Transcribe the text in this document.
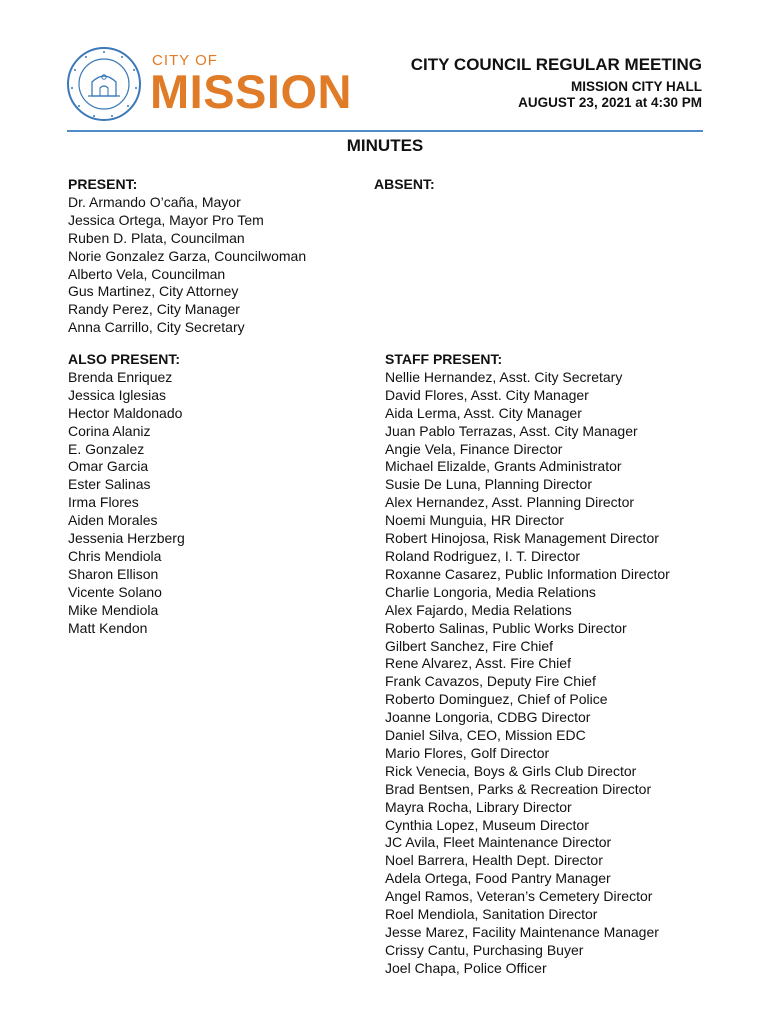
CITY OF
MISSION
CITY COUNCIL REGULAR MEETING
MISSION CITY HALL
AUGUST 23, 2021 at 4:30 PM
MINUTES
PRESENT:
Dr. Armando O’caña, Mayor
Jessica Ortega, Mayor Pro Tem
Ruben D. Plata, Councilman
Norie Gonzalez Garza, Councilwoman
Alberto Vela, Councilman
Gus Martinez, City Attorney
Randy Perez, City Manager
Anna Carrillo, City Secretary
ABSENT:
ALSO PRESENT:
Brenda Enriquez
Jessica Iglesias
Hector Maldonado
Corina Alaniz
E. Gonzalez
Omar Garcia
Ester Salinas
Irma Flores
Aiden Morales
Jessenia Herzberg
Chris Mendiola
Sharon Ellison
Vicente Solano
Mike Mendiola
Matt Kendon
STAFF PRESENT:
Nellie Hernandez, Asst. City Secretary
David Flores, Asst. City Manager
Aida Lerma, Asst. City Manager
Juan Pablo Terrazas, Asst. City Manager
Angie Vela, Finance Director
Michael Elizalde, Grants Administrator
Susie De Luna, Planning Director
Alex Hernandez, Asst. Planning Director
Noemi Munguia, HR Director
Robert Hinojosa, Risk Management Director
Roland Rodriguez, I. T. Director
Roxanne Casarez, Public Information Director
Charlie Longoria, Media Relations
Alex Fajardo, Media Relations
Roberto Salinas, Public Works Director
Gilbert Sanchez, Fire Chief
Rene Alvarez, Asst. Fire Chief
Frank Cavazos, Deputy Fire Chief
Roberto Dominguez, Chief of Police
Joanne Longoria, CDBG Director
Daniel Silva, CEO, Mission EDC
Mario Flores, Golf Director
Rick Venecia, Boys & Girls Club Director
Brad Bentsen, Parks & Recreation Director
Mayra Rocha, Library Director
Cynthia Lopez, Museum Director
JC Avila, Fleet Maintenance Director
Noel Barrera, Health Dept. Director
Adela Ortega, Food Pantry Manager
Angel Ramos, Veteran’s Cemetery Director
Roel Mendiola, Sanitation Director
Jesse Marez, Facility Maintenance Manager
Crissy Cantu, Purchasing Buyer
Joel Chapa, Police Officer
